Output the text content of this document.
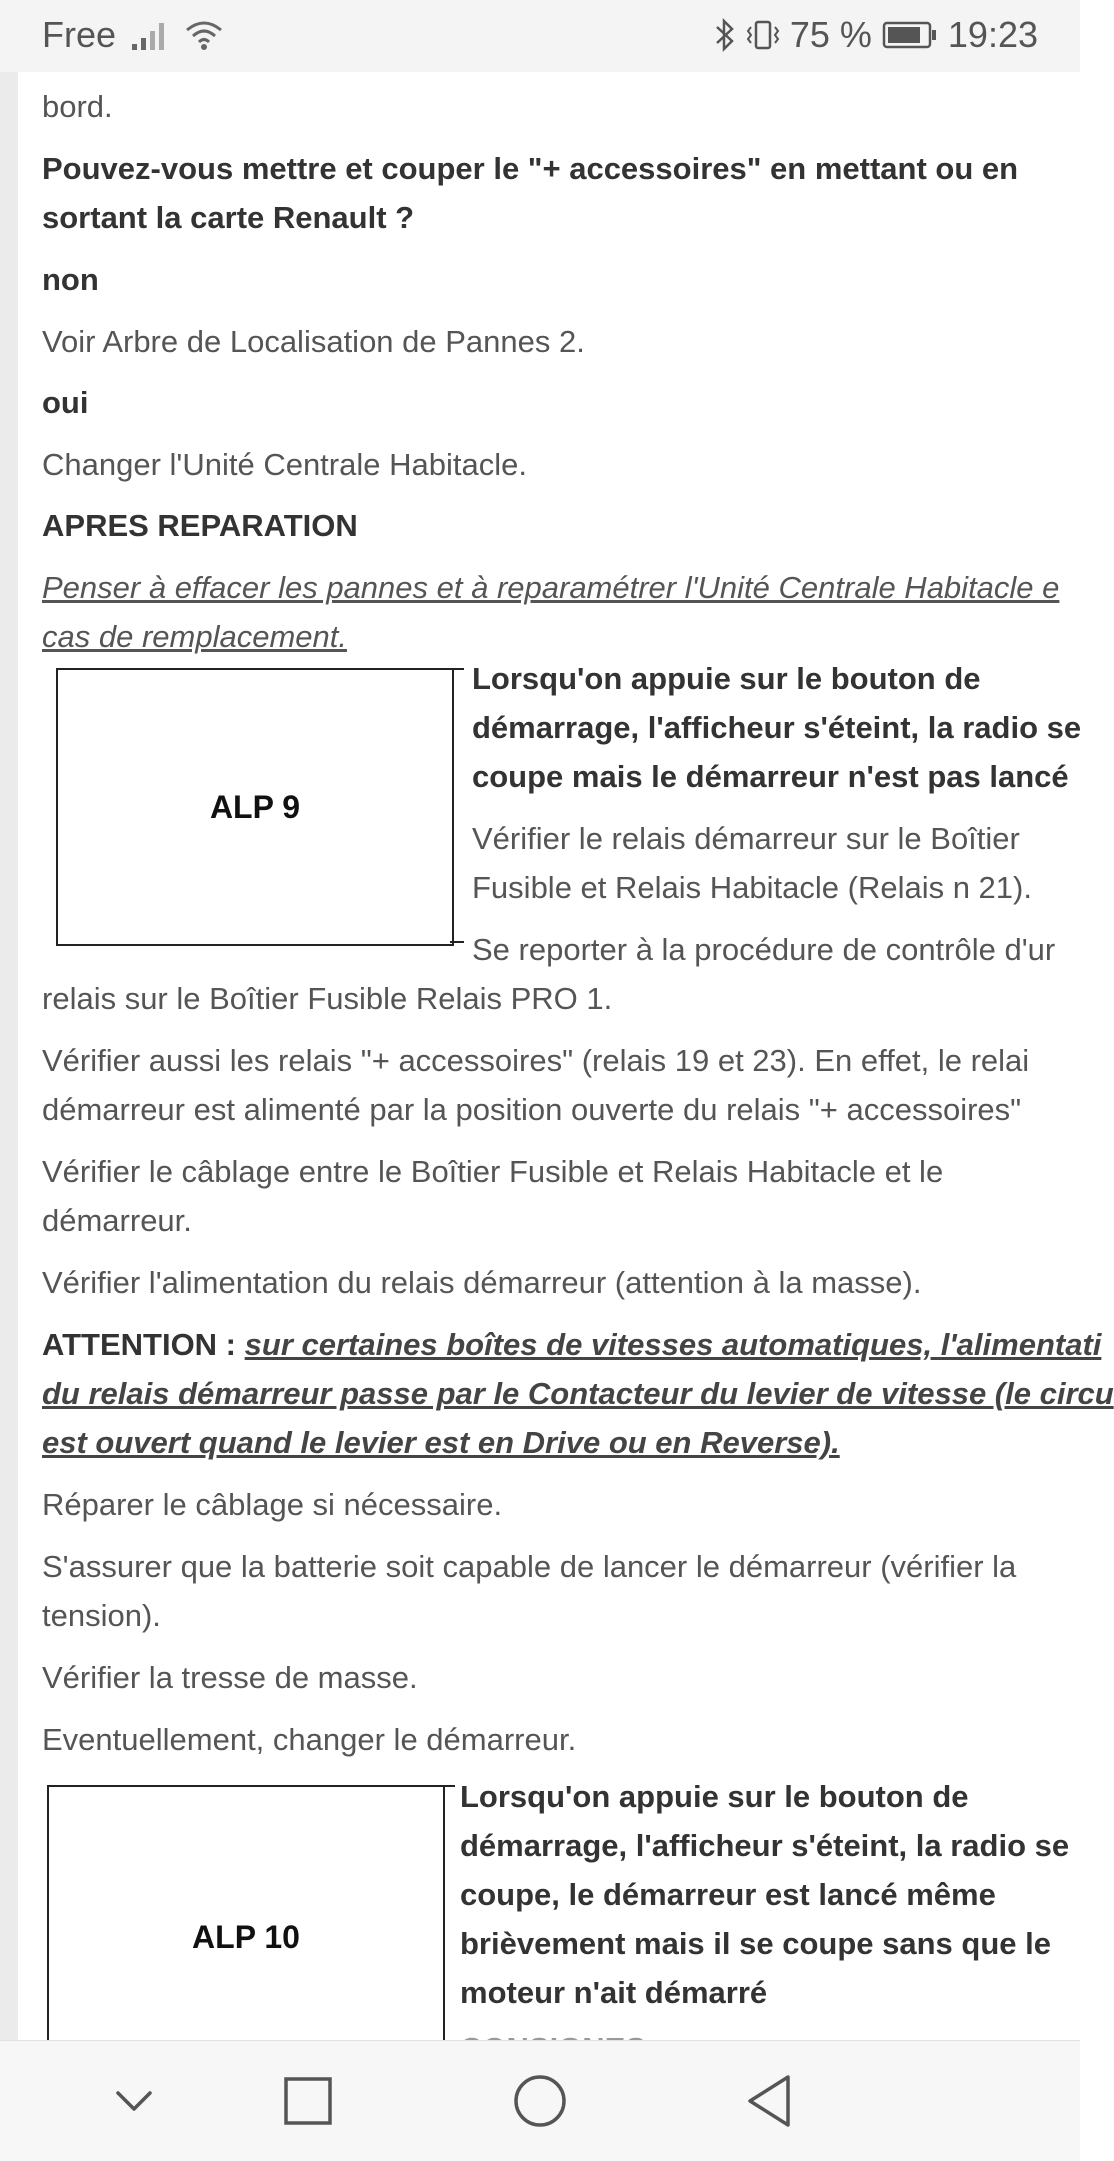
Free	75 % 19:23

bord.

Pouvez-vous mettre et couper le "+ accessoires" en mettant ou en

sortant la carte Renault ?

non

Voir Arbre de Localisation de Pannes 2.

oui

Changer l'Unité Centrale Habitacle.

APRES REPARATION

Penser à effacer les pannes et à reparamétrer l'Unité Centrale Habitacle e

cas de remplacement.

ALP 9

Lorsqu'on appuie sur le bouton de

démarrage, l'afficheur s'éteint, la radio se

coupe mais le démarreur n'est pas lancé

Vérifier le relais démarreur sur le Boîtier

Fusible et Relais Habitacle (Relais n 21).

Se reporter à la procédure de contrôle d'ur

relais sur le Boîtier Fusible Relais PRO 1.

Vérifier aussi les relais "+ accessoires" (relais 19 et 23). En effet, le relai

démarreur est alimenté par la position ouverte du relais "+ accessoires"

Vérifier le câblage entre le Boîtier Fusible et Relais Habitacle et le

démarreur.

Vérifier l'alimentation du relais démarreur (attention à la masse).

ATTENTION : sur certaines boîtes de vitesses automatiques, l'alimentati

du relais démarreur passe par le Contacteur du levier de vitesse (le circu

est ouvert quand le levier est en Drive ou en Reverse).

Réparer le câblage si nécessaire.

S'assurer que la batterie soit capable de lancer le démarreur (vérifier la

tension).

Vérifier la tresse de masse.

Eventuellement, changer le démarreur.

ALP 10

Lorsqu'on appuie sur le bouton de

démarrage, l'afficheur s'éteint, la radio se

coupe, le démarreur est lancé même

brièvement mais il se coupe sans que le

moteur n'ait démarré
